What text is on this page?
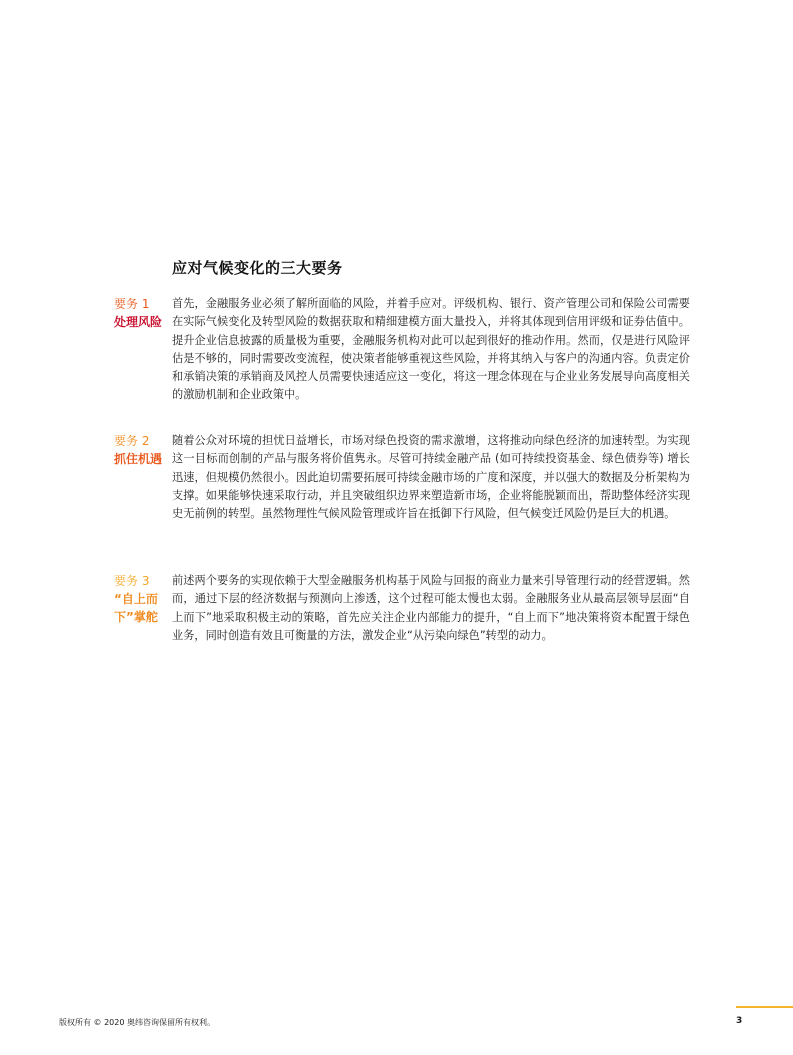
应对气候变化的三大要务
要务 1
处理风险

首先，金融服务业必须了解所面临的风险，并着手应对。评级机构、银行、资产管理公司和保险公司需要在实际气候变化及转型风险的数据获取和精细建模方面大量投入，并将其体现到信用评级和证券估值中。提升企业信息披露的质量极为重要，金融服务机构对此可以起到很好的推动作用。然而，仅是进行风险评估是不够的，同时需要改变流程，使决策者能够重视这些风险，并将其纳入与客户的沟通内容。负责定价和承销决策的承销商及风控人员需要快速适应这一变化，将这一理念体现在与企业业务发展导向高度相关的激励机制和企业政策中。

要务 2
抓住机遇

随着公众对环境的担忧日益增长，市场对绿色投资的需求激增，这将推动向绿色经济的加速转型。为实现这一目标而创制的产品与服务将价值隽永。尽管可持续金融产品 (如可持续投资基金、绿色债券等) 增长迅速，但规模仍然很小。因此迫切需要拓展可持续金融市场的广度和深度，并以强大的数据及分析架构为支撑。如果能够快速采取行动，并且突破组织边界来塑造新市场，企业将能脱颖而出，帮助整体经济实现史无前例的转型。虽然物理性气候风险管理或许旨在抵御下行风险，但气候变迁风险仍是巨大的机遇。

要务 3
“自上而下”掌舵

前述两个要务的实现依赖于大型金融服务机构基于风险与回报的商业力量来引导管理行动的经营逻辑。然而，通过下层的经济数据与预测向上渗透，这个过程可能太慢也太弱。金融服务业从最高层领导层面“自上而下”地采取积极主动的策略，首先应关注企业内部能力的提升，“自上而下”地决策将资本配置于绿色业务，同时创造有效且可衡量的方法，激发企业“从污染向绿色”转型的动力。

版权所有 © 2020 奥纬咨询保留所有权利。	3
